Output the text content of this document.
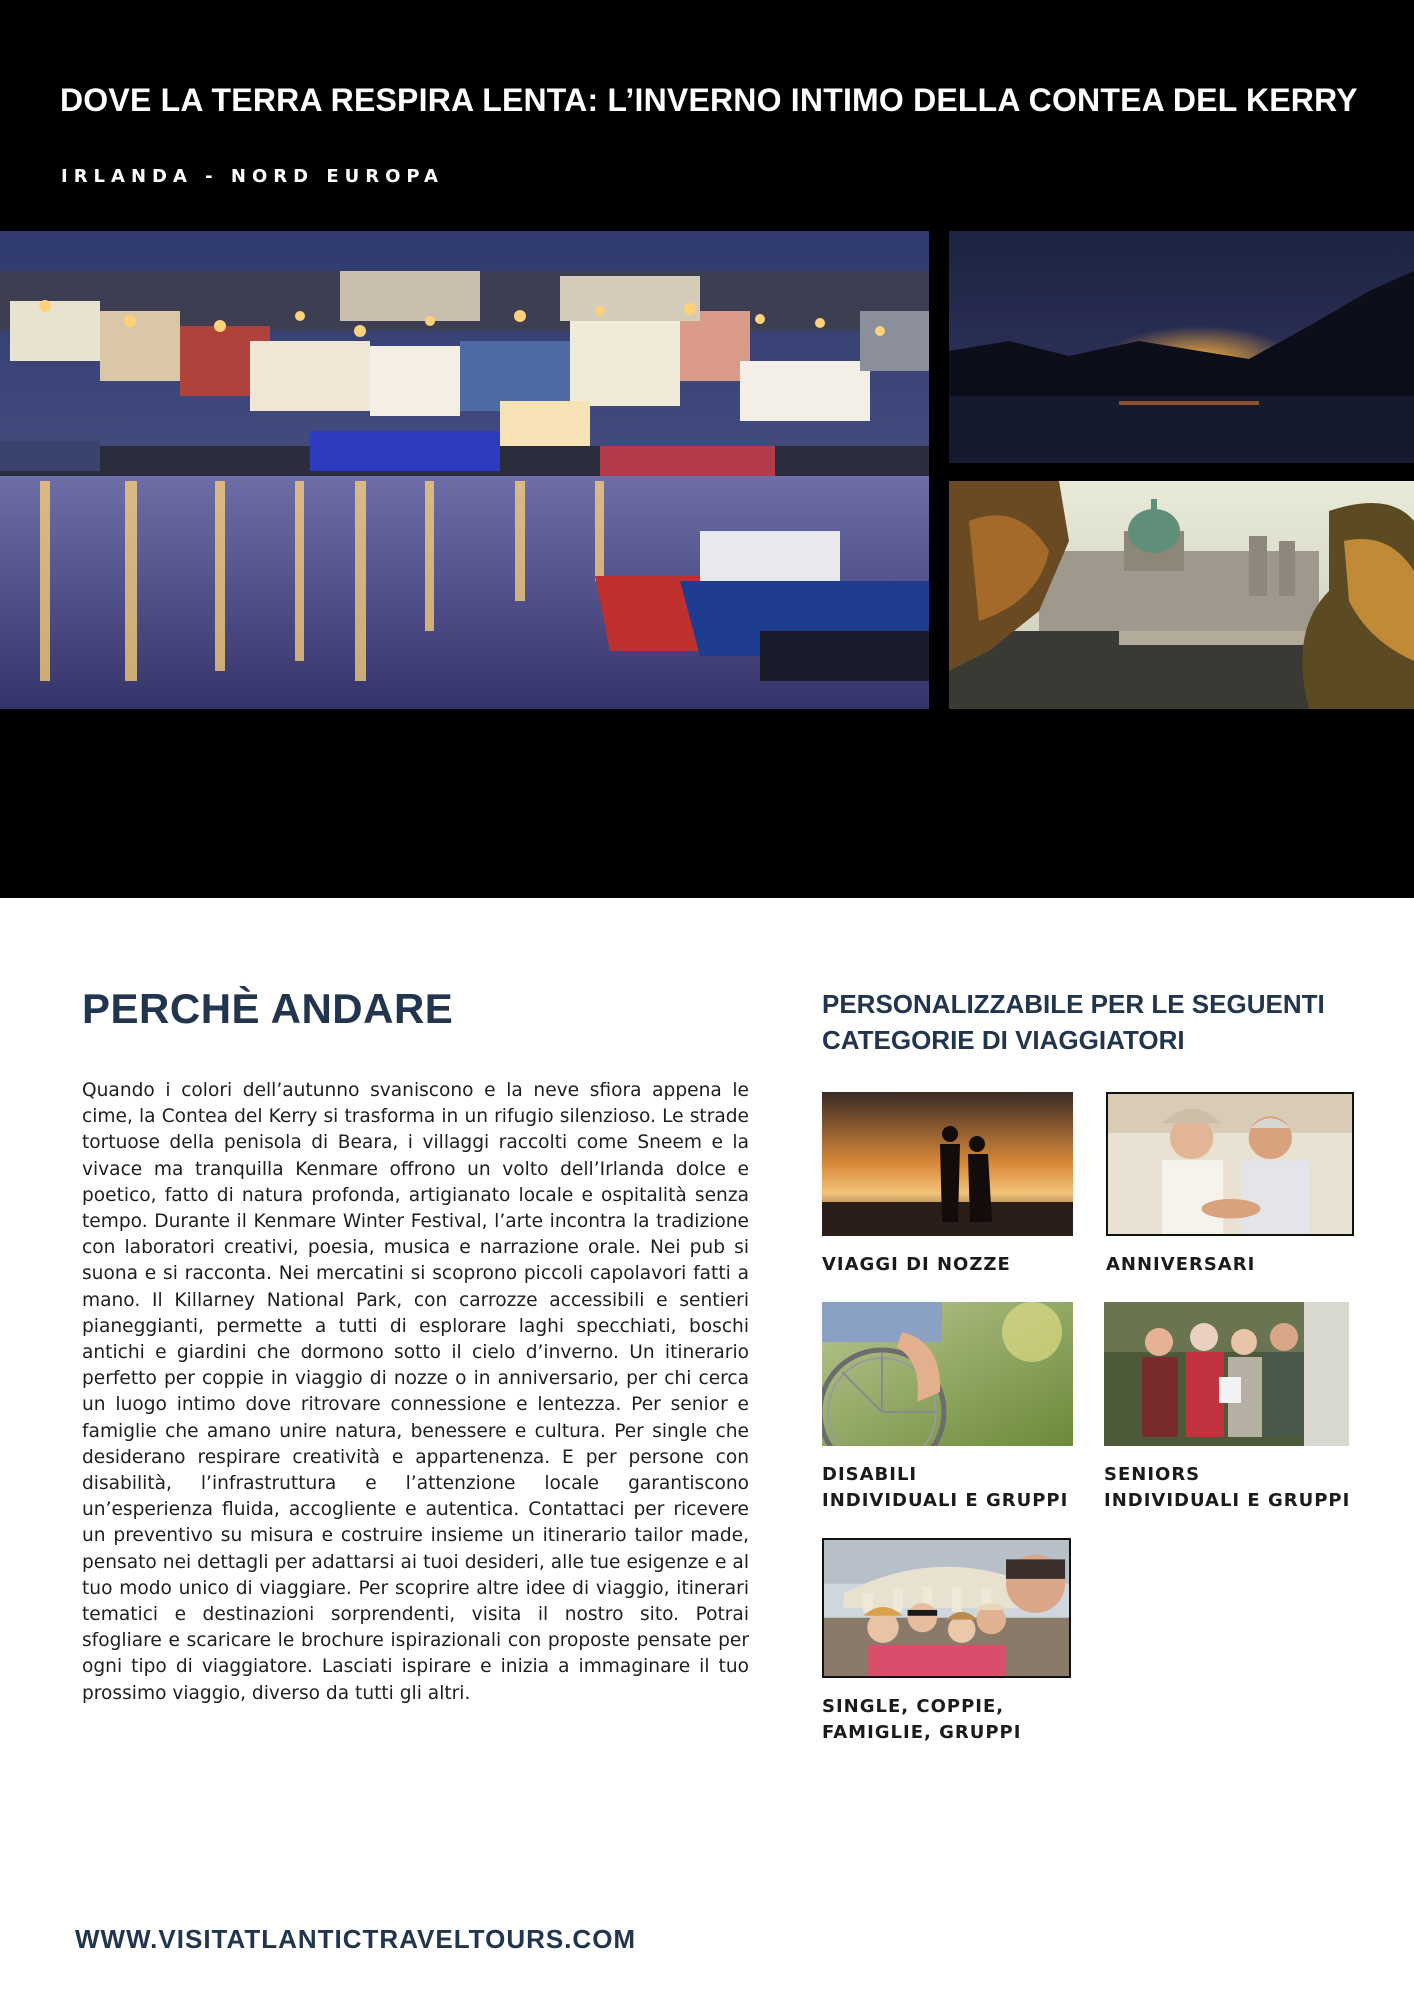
DOVE LA TERRA RESPIRA LENTA: L’INVERNO INTIMO DELLA CONTEA DEL KERRY
IRLANDA - NORD EUROPA
PERCHÈ ANDARE

Quando i colori dell’autunno svaniscono e la neve sfiora appena le cime, la Contea del Kerry si trasforma in un rifugio silenzioso. Le strade tortuose della penisola di Beara, i villaggi raccolti come Sneem e la vivace ma tranquilla Kenmare offrono un volto dell’Irlanda dolce e poetico, fatto di natura profonda, artigianato locale e ospitalità senza tempo. Durante il Kenmare Winter Festival, l’arte incontra la tradizione con laboratori creativi, poesia, musica e narrazione orale. Nei pub si suona e si racconta. Nei mercatini si scoprono piccoli capolavori fatti a mano. Il Killarney National Park, con carrozze accessibili e sentieri pianeggianti, permette a tutti di esplorare laghi specchiati, boschi antichi e giardini che dormono sotto il cielo d’inverno. Un itinerario perfetto per coppie in viaggio di nozze o in anniversario, per chi cerca un luogo intimo dove ritrovare connessione e lentezza. Per senior e famiglie che amano unire natura, benessere e cultura. Per single che desiderano respirare creatività e appartenenza. E per persone con disabilità, l’infrastruttura e l’attenzione locale garantiscono un’esperienza fluida, accogliente e autentica. Contattaci per ricevere un preventivo su misura e costruire insieme un itinerario tailor made, pensato nei dettagli per adattarsi ai tuoi desideri, alle tue esigenze e al tuo modo unico di viaggiare. Per scoprire altre idee di viaggio, itinerari tematici e destinazioni sorprendenti, visita il nostro sito. Potrai sfogliare e scaricare le brochure ispirazionali con proposte pensate per ogni tipo di viaggiatore. Lasciati ispirare e inizia a immaginare il tuo prossimo viaggio, diverso da tutti gli altri.

PERSONALIZZABILE PER LE SEGUENTI CATEGORIE DI VIAGGIATORI
VIAGGI DI NOZZE	ANNIVERSARI
DISABILI
INDIVIDUALI E GRUPPI
SENIORS
INDIVIDUALI E GRUPPI
SINGLE, COPPIE,
FAMIGLIE, GRUPPI
WWW.VISITATLANTICTRAVELTOURS.COM
